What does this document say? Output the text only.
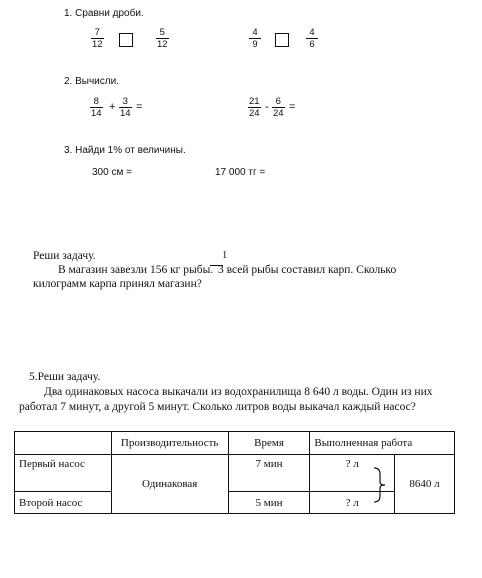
1. Сравни дроби.
7
12
5
12
4
9
4
6
2. Вычисли.
8
14
+ 3
14
=	21
24
- 6
24
=
3. Найди 1% от величины.
300 см =	17 000 тг =
Реши задачу.	1
В магазин завезли 156 кг рыбы. 3 всей рыбы составил карп. Сколько
килограмм карпа принял магазин?
5.Реши задачу.
Два одинаковых насоса выкачали из водохранилища 8 640 л воды. Один из них
работал 7 минут, а другой 5 минут. Сколько литров воды выкачал каждый насос?
	Производительность	Время	Выполненная работа	
Первый насос	Одинаковая	7 мин	? л	8640 л
Второй насос		5 мин	? л	
